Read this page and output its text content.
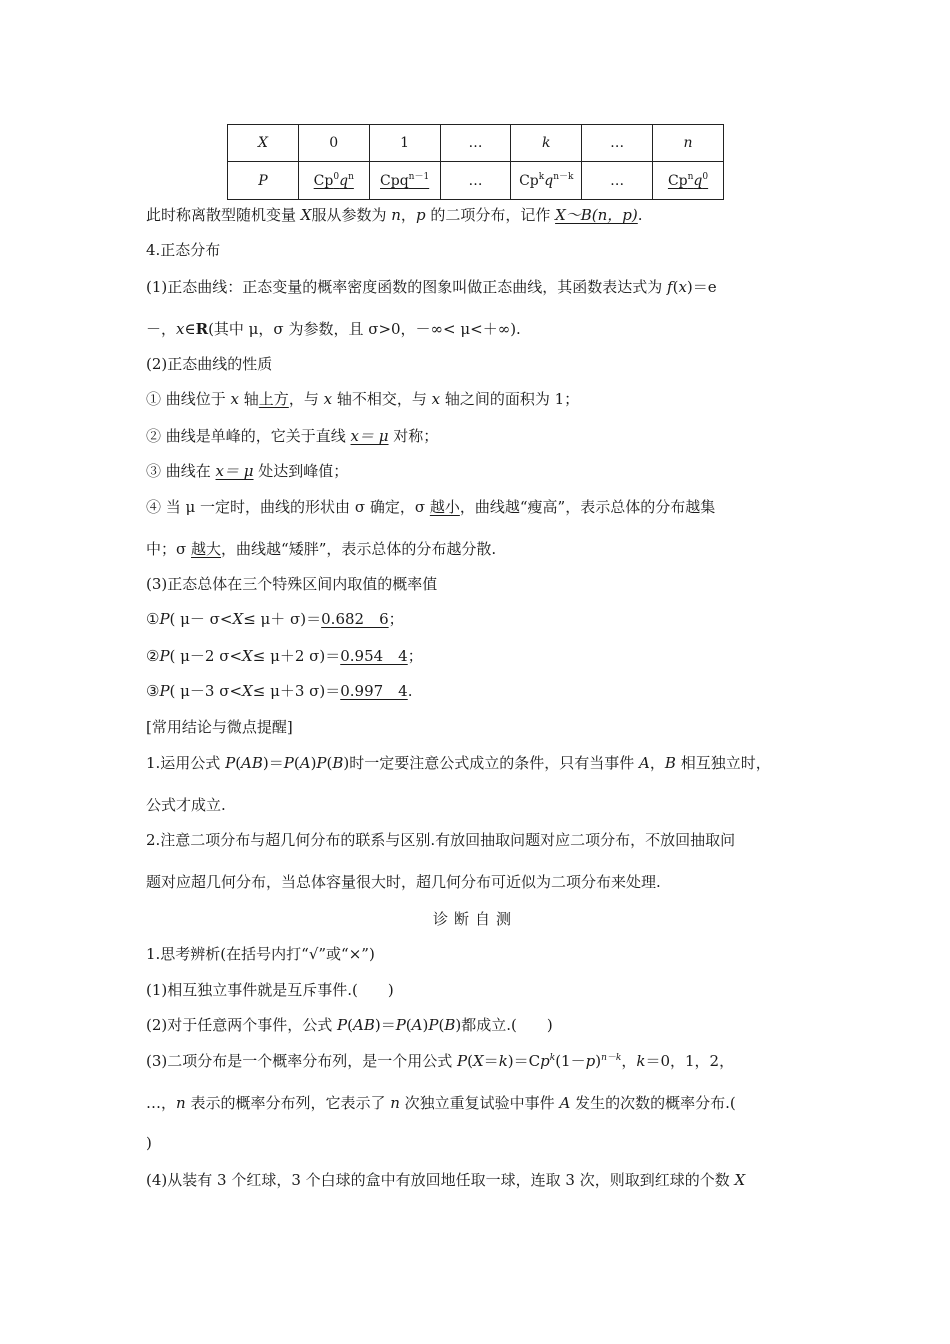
X	0	1	…	k	…	n
P	$Cp^0q^n$	Cpq$^{n-1}$	…	$Cp^kq^{n-k}$	…	$Cp^nq^0$
此时称离散型随机变量 X服从参数为 n，p 的二项分布，记作 X～B(n，p).
4.正态分布
(1)正态曲线：正态变量的概率密度函数的图象叫做正态曲线，其函数表达式为 f(x)＝e
－，x∈R(其中 μ，σ 为参数，且 σ>0，－∞< μ<＋∞).
(2)正态曲线的性质
① 曲线位于 x 轴上方，与 x 轴不相交，与 x 轴之间的面积为 1；
② 曲线是单峰的，它关于直线 x＝ μ 对称；
③ 曲线在 x＝ μ 处达到峰值；
④ 当 μ 一定时，曲线的形状由 σ 确定，σ 越小，曲线越“瘦高”，表示总体的分布越集
中；σ 越大，曲线越“矮胖”，表示总体的分布越分散.
(3)正态总体在三个特殊区间内取值的概率值
①P( μ－ σ<X≤ μ＋ σ)＝0.682　6；
②P( μ－2 σ<X≤ μ＋2 σ)＝0.954　4；
③P( μ－3 σ<X≤ μ＋3 σ)＝0.997　4.
[常用结论与微点提醒]
1.运用公式 P(AB)＝P(A)P(B)时一定要注意公式成立的条件，只有当事件 A，B 相互独立时，
公式才成立.
2.注意二项分布与超几何分布的联系与区别.有放回抽取问题对应二项分布，不放回抽取问
题对应超几何分布，当总体容量很大时，超几何分布可近似为二项分布来处理.
诊断自测
1.思考辨析(在括号内打“√”或“×”)
(1)相互独立事件就是互斥事件.(　　)
(2)对于任意两个事件，公式 P(AB)＝P(A)P(B)都成立.(　　)
(3)二项分布是一个概率分布列，是一个用公式 $P(X=k)=Cp^k(1-p)^{n-k}$，k＝0，1，2，
…，n 表示的概率分布列，它表示了 n 次独立重复试验中事件 A 发生的次数的概率分布.(
)
(4)从装有 3 个红球，3 个白球的盒中有放回地任取一球，连取 3 次，则取到红球的个数 X
